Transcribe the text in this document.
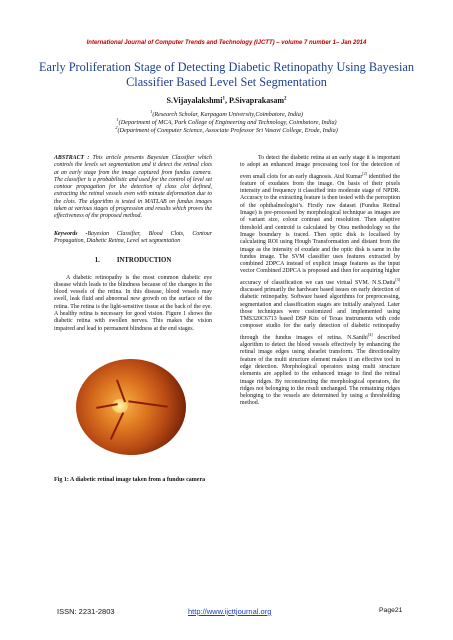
International Journal of Computer Trends and Technology (IJCTT) – volume 7 number 1– Jan 2014
Early Proliferation Stage of Detecting Diabetic Retinopathy Using Bayesian Classifier Based Level Set Segmentation
S.Vijayalakshmi$^1$, P.Sivaprakasam$^2$
$^1$(Research Scholar, Karpagam University,Coimbatore, India)
$^1$(Department of MCA, Park College of Engineering and Technology, Coimbatore, India)
$^2$(Department of Computer Science, Associate Professor Sri Vasavi College, Erode, India)

ABSTRACT : This article presents Bayesian Classifier which controls the levels set segmentation and it detect the retinal clots at an early stage from the image captured from fundus camera. The classifier is a probabilistic and used for the control of level set contour propagation for the detection of class clot defined, extracting the retinal vessels even with minute deformation due to the clots. The algorithm is tested in MATLAB on fundus images taken at various stages of progression and results which proves the effectiveness of the proposed method.

Keywords -Bayesian Classifier, Blood Clots, Contour Propagation, Diabetic Retina, Level set segmentation

1.          INTRODUCTION

A diabetic retinopathy is the most common diabetic eye disease which leads to the blindness because of the changes in the blood vessels of the retina. In this disease, blood vessels may swell, leak fluid and abnormal new growth on the surface of the retina. The retina is the light-sensitive tissue at the back of the eye. A healthy retina is necessary for good vision. Figure 1 shows the diabetic retina with swollen nerves. This makes the vision impaired and lead to permanent blindness at the end stages.

Fig 1: A diabetic retinal image taken from a fundus camera

To detect the diabetic retina at an early stage it is important to adopt an enhanced image processing tool for the detection of even small clots for an early diagnosis. Atul Kumar[2] identified the feature of exudates from the image. On basis of their pixels intensity and frequency it classified into moderate stage of NPDR. Accuracy to the extracting feature is then tested with the perception of the ophthalmologist’s. Firstly raw dataset (Fundus Retinal Image) is pre-processed by morphological technique as images are of variant size, colour contrast and resolution. Then adaptive threshold and centroid is calculated by Otsu methodology so the Image boundary is traced. Then optic disk is localised by calculating ROI using Hough Transformation and distant from the image as the intensity of exudate and the optic disk is same in the fundus image. The SVM classifier uses features extracted by combined 2DPCA instead of explicit image features as the input vector Combined 2DPCA is proposed and then for acquiring higher accuracy of classification we can use virtual SVM. N.S.Datta[3] discussed primarily the hardware based issues on early detection of diabetic retinopathy. Software based algorithms for preprocessing, segmentation and classification stages are initially analyzed. Later those techniques were customized and implemented using TMS320C6713 based DSP Kits of Texas instruments with code composer studio for the early detection of diabetic retinopathy through the fundus images of retina. N.Santhi[4] described algorithm to detect the blood vessels effectively by enhancing the retinal image edges using shearlet transform. The directionality feature of the multi structure element makes it an effective tool in edge detection. Morphological operators using multi structure elements are applied to the enhanced image to find the retinal image ridges. By reconstructing the morphological operators, the ridges not belonging to the result unchanged. The remaining ridges belonging to the vessels are determined by using a thresholding method.

ISSN: 2231-2803	http://www.ijcttjournal.org	Page21
